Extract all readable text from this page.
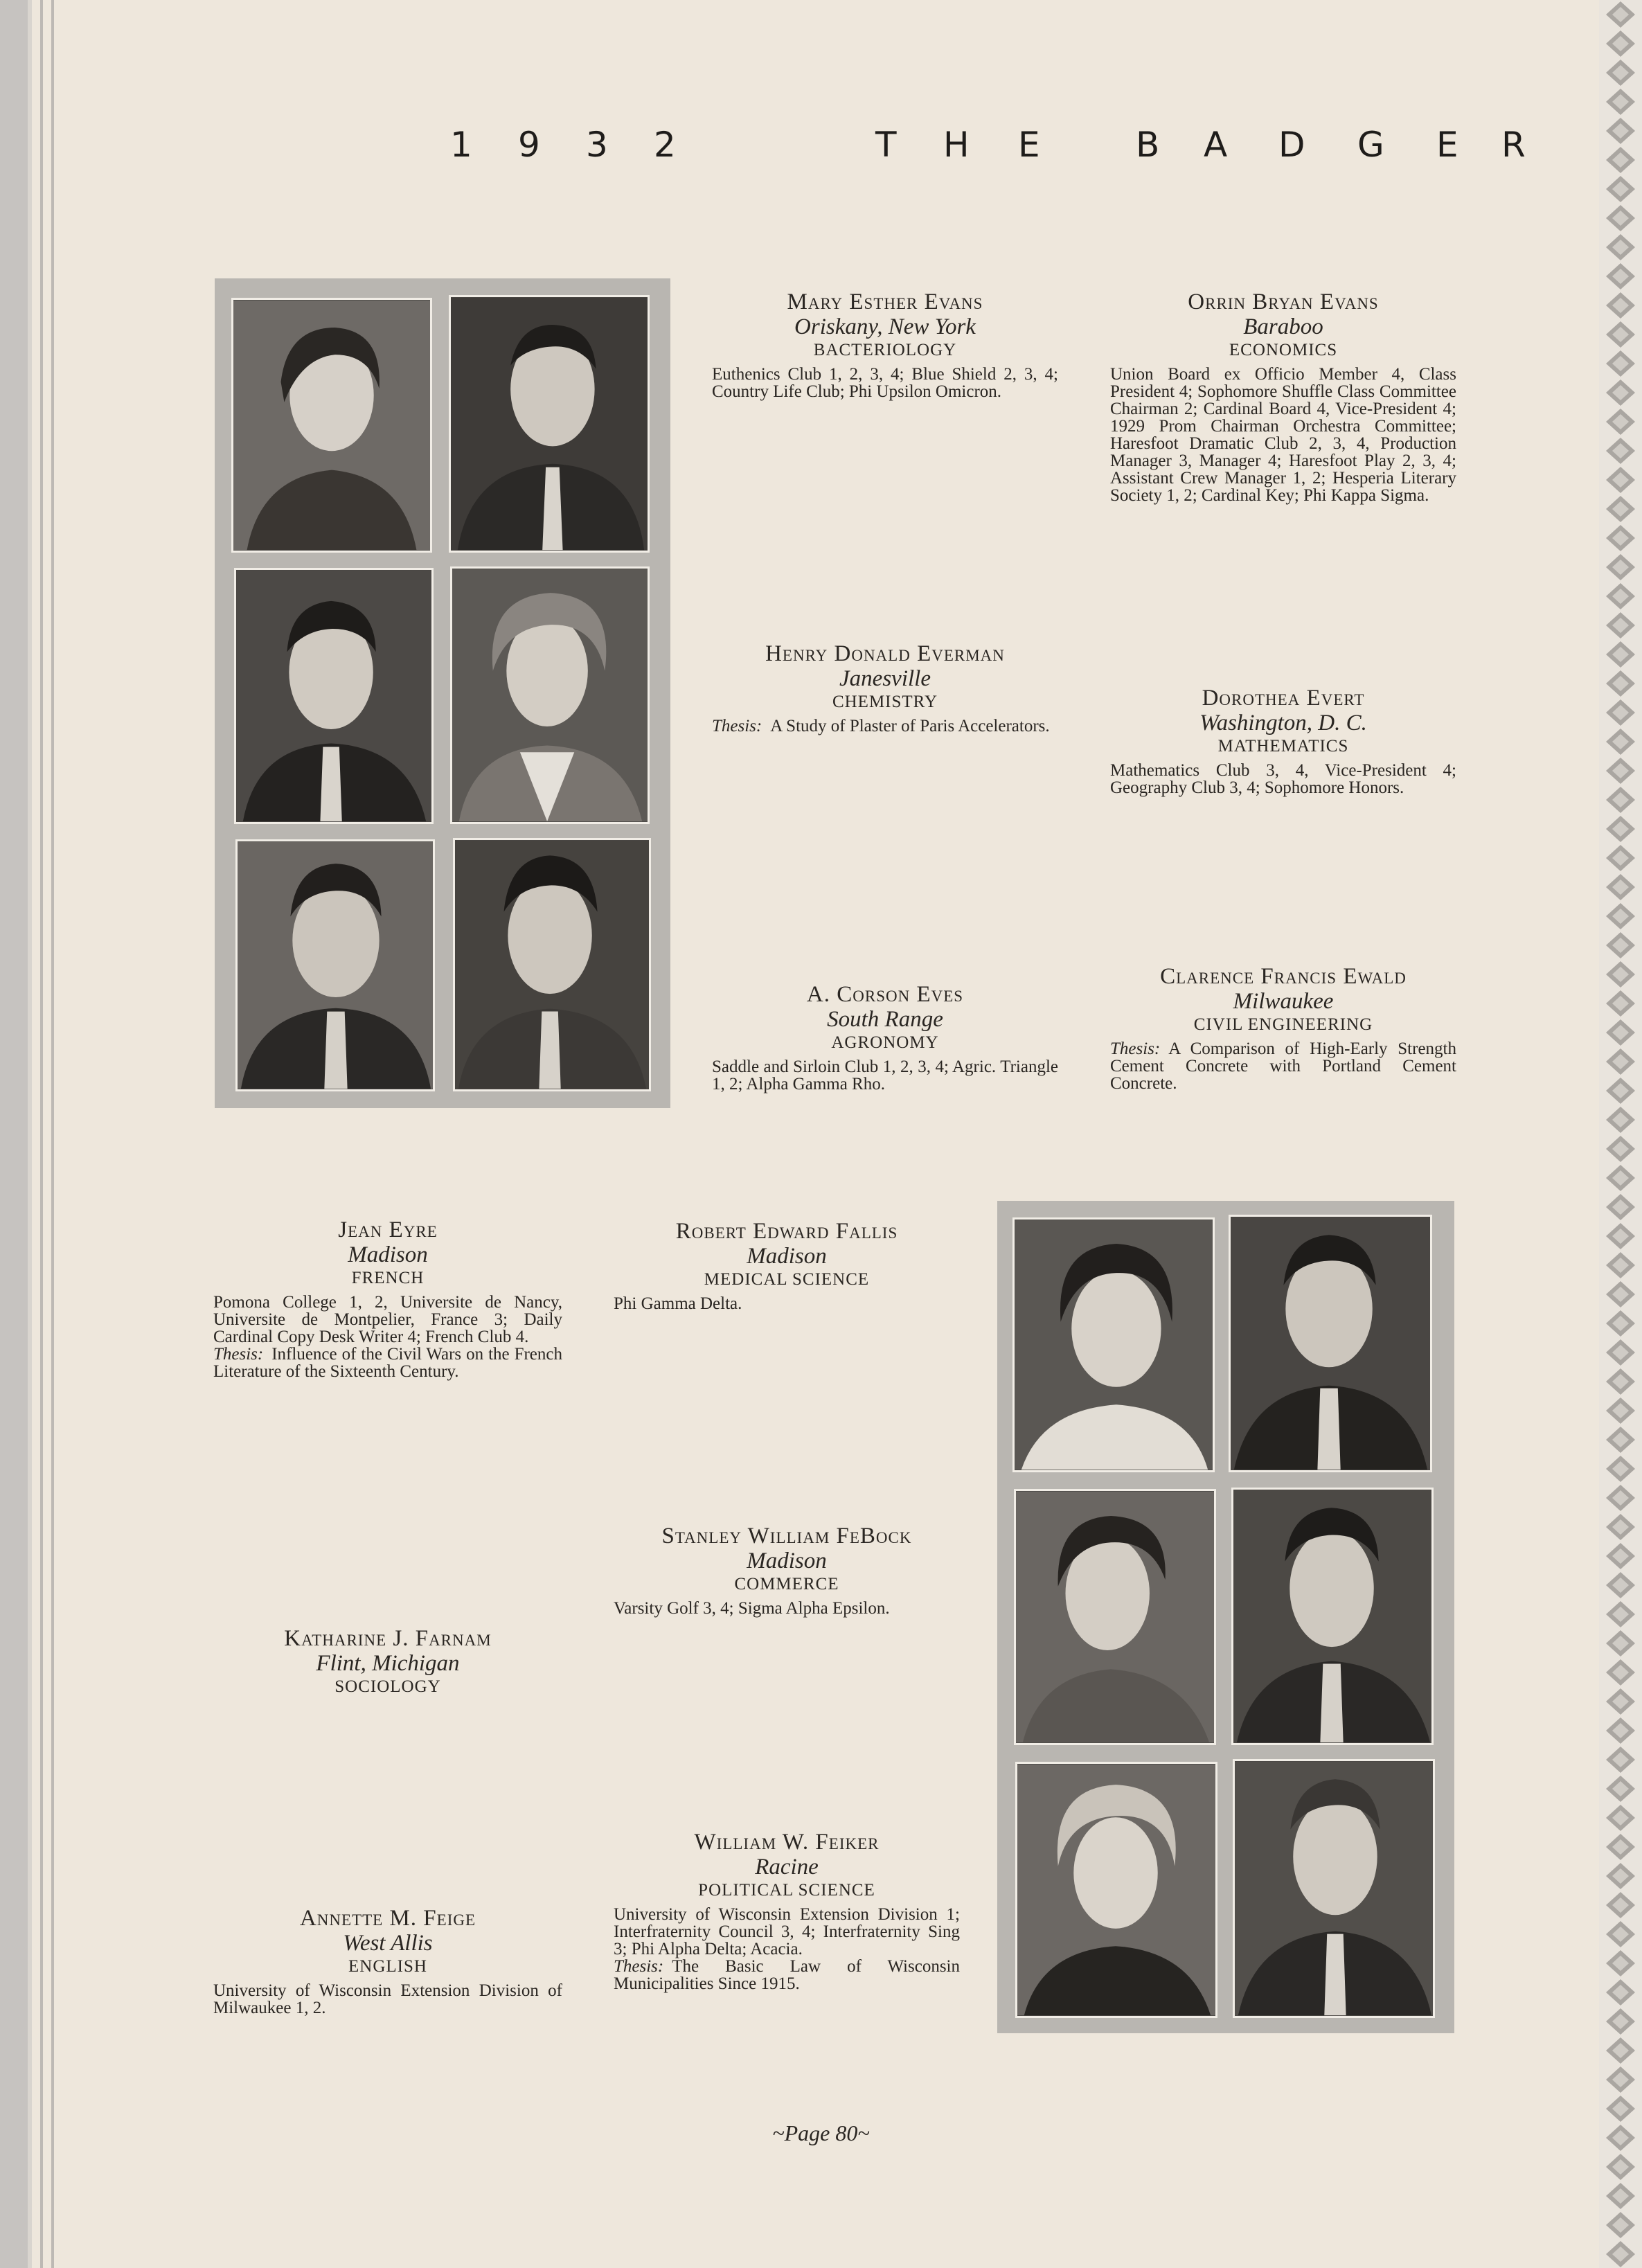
1 9 3 2	T H E	B A D G E R
Mary Esther Evans
Oriskany, New York
BACTERIOLOGY
Euthenics Club 1, 2, 3, 4; Blue Shield 2, 3, 4; Country Life Club; Phi Upsilon Omicron.
Orrin Bryan Evans
Baraboo
ECONOMICS
Union Board ex Officio Member 4, Class President 4; Sophomore Shuffle Class Committee Chairman 2; Cardinal Board 4, Vice-President 4; 1929 Prom Chairman Orchestra Committee; Haresfoot Dramatic Club 2, 3, 4, Production Manager 3, Manager 4; Haresfoot Play 2, 3, 4; Assistant Crew Manager 1, 2; Hesperia Literary Society 1, 2; Cardinal Key; Phi Kappa Sigma.
Henry Donald Everman
Janesville
CHEMISTRY
Thesis: A Study of Plaster of Paris Accelerators.
Dorothea Evert
Washington, D. C.
MATHEMATICS
Mathematics Club 3, 4, Vice-President 4; Geography Club 3, 4; Sophomore Honors.
A. Corson Eves
South Range
AGRONOMY
Saddle and Sirloin Club 1, 2, 3, 4; Agric. Triangle 1, 2; Alpha Gamma Rho.
Clarence Francis Ewald
Milwaukee
CIVIL ENGINEERING
Thesis: A Comparison of High-Early Strength Cement Concrete with Portland Cement Concrete.
Jean Eyre
Madison
FRENCH
Pomona College 1, 2, Universite de Nancy, Universite de Montpelier, France 3; Daily Cardinal Copy Desk Writer 4; French Club 4.
Thesis: Influence of the Civil Wars on the French Literature of the Sixteenth Century.
Robert Edward Fallis
Madison
MEDICAL SCIENCE
Phi Gamma Delta.
Stanley William FeBock
Madison
COMMERCE
Varsity Golf 3, 4; Sigma Alpha Epsilon.
Katharine J. Farnam
Flint, Michigan
SOCIOLOGY
William W. Feiker
Racine
POLITICAL SCIENCE
University of Wisconsin Extension Division 1; Interfraternity Council 3, 4; Interfraternity Sing 3; Phi Alpha Delta; Acacia.
Thesis: The Basic Law of Wisconsin Municipalities Since 1915.
Annette M. Feige
West Allis
ENGLISH
University of Wisconsin Extension Division of Milwaukee 1, 2.
~Page 80~
